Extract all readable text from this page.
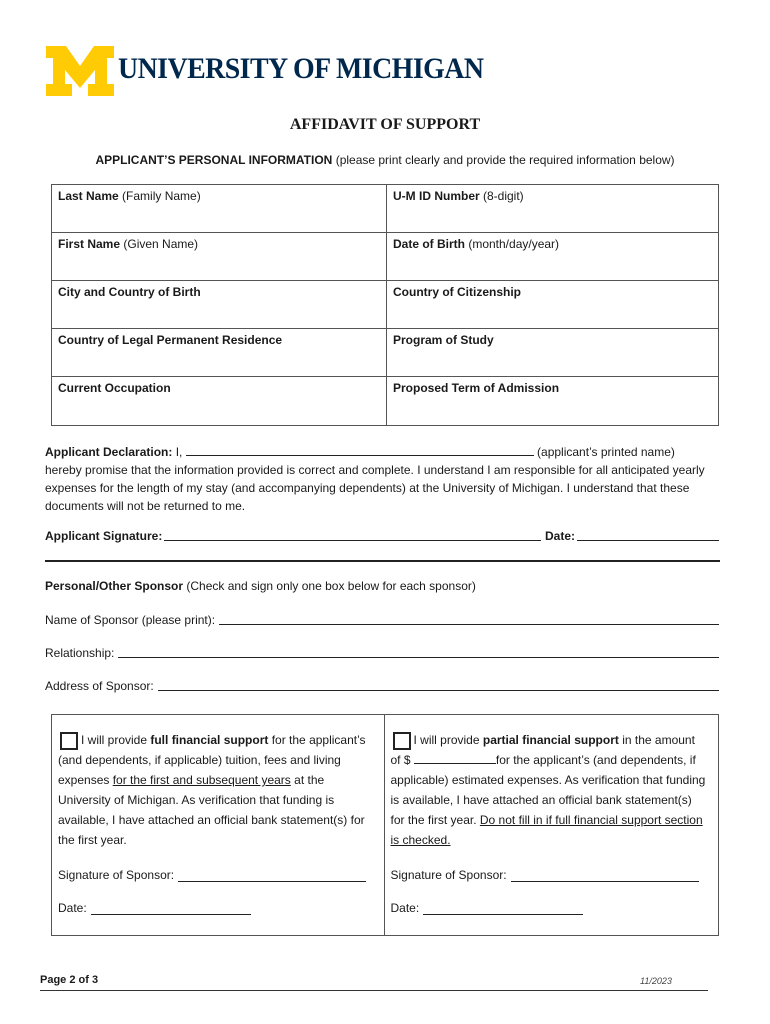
UNIVERSITY OF MICHIGAN
AFFIDAVIT OF SUPPORT
APPLICANT’S PERSONAL INFORMATION (please print clearly and provide the required information below)
Last Name (Family Name)	U-M ID Number (8-digit)
First Name (Given Name)	Date of Birth (month/day/year)
City and Country of Birth	Country of Citizenship
Country of Legal Permanent Residence	Program of Study
Current Occupation	Proposed Term of Admission
Applicant Declaration: I,	(applicant’s printed name)
hereby promise that the information provided is correct and complete. I understand I am responsible for all anticipated yearly expenses for the length of my stay (and accompanying dependents) at the University of Michigan. I understand that these documents will not be returned to me.
Applicant Signature:	Date:
Personal/Other Sponsor (Check and sign only one box below for each sponsor)
Name of Sponsor (please print):
Relationship:
Address of Sponsor:
I will provide full financial support for the applicant’s (and dependents, if applicable) tuition, fees and living expenses for the first and subsequent years at the University of Michigan. As verification that funding is available, I have attached an official bank statement(s) for the first year.
Signature of Sponsor:
Date:
I will provide partial financial support in the amount of $	for the applicant’s (and dependents, if applicable) estimated expenses. As verification that funding is available, I have attached an official bank statement(s) for the first year. Do not fill in if full financial support section is checked.
Signature of Sponsor:
Date:
Page 2 of 3	11/2023
